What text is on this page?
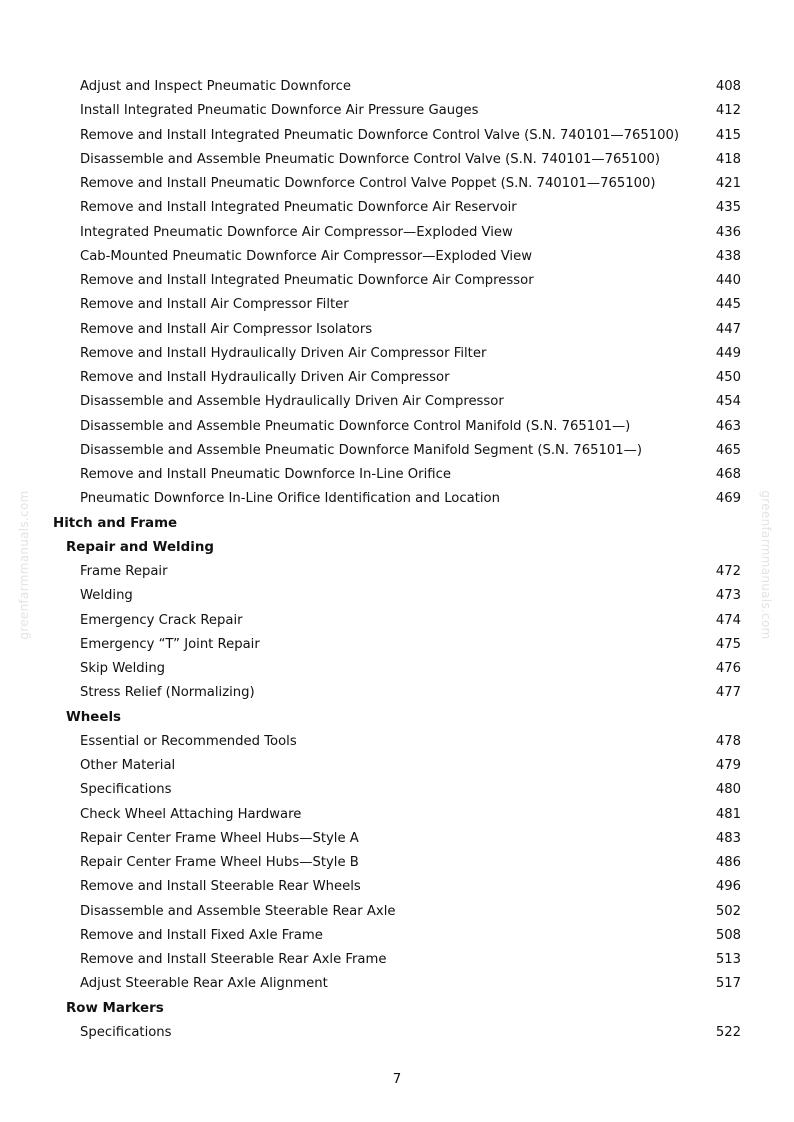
Adjust and Inspect Pneumatic Downforce	408
Install Integrated Pneumatic Downforce Air Pressure Gauges	412
Remove and Install Integrated Pneumatic Downforce Control Valve (S.N. 740101—765100)	415
Disassemble and Assemble Pneumatic Downforce Control Valve (S.N. 740101—765100)	418
Remove and Install Pneumatic Downforce Control Valve Poppet (S.N. 740101—765100)	421
Remove and Install Integrated Pneumatic Downforce Air Reservoir	435
Integrated Pneumatic Downforce Air Compressor—Exploded View	436
Cab-Mounted Pneumatic Downforce Air Compressor—Exploded View	438
Remove and Install Integrated Pneumatic Downforce Air Compressor	440
Remove and Install Air Compressor Filter	445
Remove and Install Air Compressor Isolators	447
Remove and Install Hydraulically Driven Air Compressor Filter	449
Remove and Install Hydraulically Driven Air Compressor	450
Disassemble and Assemble Hydraulically Driven Air Compressor	454
Disassemble and Assemble Pneumatic Downforce Control Manifold (S.N. 765101—)	463
Disassemble and Assemble Pneumatic Downforce Manifold Segment (S.N. 765101—)	465
Remove and Install Pneumatic Downforce In-Line Orifice	468
Pneumatic Downforce In-Line Orifice Identification and Location	469
Hitch and Frame
Repair and Welding
Frame Repair	472
Welding	473
Emergency Crack Repair	474
Emergency “T” Joint Repair	475
Skip Welding	476
Stress Relief (Normalizing)	477
Wheels
Essential or Recommended Tools	478
Other Material	479
Specifications	480
Check Wheel Attaching Hardware	481
Repair Center Frame Wheel Hubs—Style A	483
Repair Center Frame Wheel Hubs—Style B	486
Remove and Install Steerable Rear Wheels	496
Disassemble and Assemble Steerable Rear Axle	502
Remove and Install Fixed Axle Frame	508
Remove and Install Steerable Rear Axle Frame	513
Adjust Steerable Rear Axle Alignment	517
Row Markers
Specifications	522
greenfarmmanuals.com	greenfarmmanuals.com
7
